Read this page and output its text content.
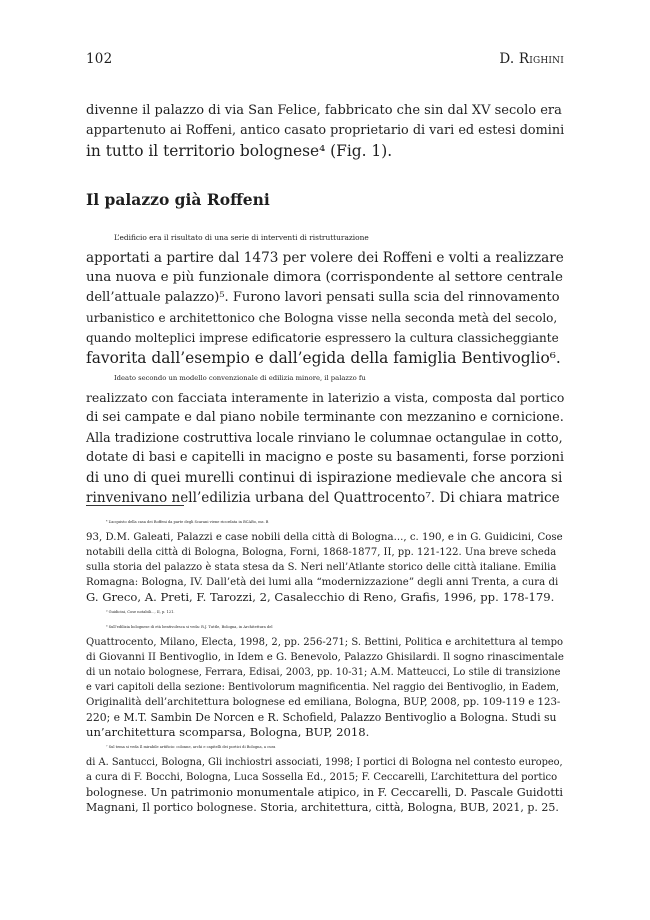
102	D. Righini
divenne il palazzo di via San Felice, fabbricato che sin dal XV secolo era
appartenuto ai Roffeni, antico casato proprietario di vari ed estesi domini
in tutto il territorio bolognese⁴ (Fig. 1).
Il palazzo già Roffeni
L’edificio era il risultato di una serie di interventi di ristrutturazione
apportati a partire dal 1473 per volere dei Roffeni e volti a realizzare
una nuova e più funzionale dimora (corrispondente al settore centrale
dell’attuale palazzo)⁵. Furono lavori pensati sulla scia del rinnovamento
urbanistico e architettonico che Bologna visse nella seconda metà del secolo,
quando molteplici imprese edificatorie espressero la cultura classicheggiante
favorita dall’esempio e dall’egida della famiglia Bentivoglio⁶.
Ideato secondo un modello convenzionale di edilizia minore, il palazzo fu
realizzato con facciata interamente in laterizio a vista, composta dal portico
di sei campate e dal piano nobile terminante con mezzanino e cornicione.
Alla tradizione costruttiva locale rinviano le columnae octangulae in cotto,
dotate di basi e capitelli in macigno e poste su basamenti, forse porzioni
di uno di quei murelli continui di ispirazione medievale che ancora si
rinvenivano nell’edilizia urbana del Quattrocento⁷. Di chiara matrice
⁴ L’acquisto della casa dei Roffeni da parte degli Scarani viene ricordata in BCABo, ms. B
93, D.M. Galeati, Palazzi e case nobili della città di Bologna..., c. 190, e in G. Guidicini, Cose
notabili della città di Bologna, Bologna, Forni, 1868-1877, II, pp. 121-122. Una breve scheda
sulla storia del palazzo è stata stesa da S. Neri nell’Atlante storico delle città italiane. Emilia
Romagna: Bologna, IV. Dall’età dei lumi alla “modernizzazione” degli anni Trenta, a cura di
G. Greco, A. Preti, F. Tarozzi, 2, Casalecchio di Reno, Grafis, 1996, pp. 178-179.
⁵ Guidicini, Cose notabili..., II, p. 121.
⁶ Sull’edilizia bolognese di età bentivolesca si veda: R.J. Tuttle, Bologna, in Architettura del
Quattrocento, Milano, Electa, 1998, 2, pp. 256-271; S. Bettini, Politica e architettura al tempo
di Giovanni II Bentivoglio, in Idem e G. Benevolo, Palazzo Ghisilardi. Il sogno rinascimentale
di un notaio bolognese, Ferrara, Edisai, 2003, pp. 10-31; A.M. Matteucci, Lo stile di transizione
e vari capitoli della sezione: Bentivolorum magnificentia. Nel raggio dei Bentivoglio, in Eadem,
Originalità dell’architettura bolognese ed emiliana, Bologna, BUP, 2008, pp. 109-119 e 123-
220; e M.T. Sambin De Norcen e R. Schofield, Palazzo Bentivoglio a Bologna. Studi su
un’architettura scomparsa, Bologna, BUP, 2018.
⁷ Sul tema si veda Il mirabile artificio: colonne, archi e capitelli dei portici di Bologna, a cura
di A. Santucci, Bologna, Gli inchiostri associati, 1998; I portici di Bologna nel contesto europeo,
a cura di F. Bocchi, Bologna, Luca Sossella Ed., 2015; F. Ceccarelli, L’architettura del portico
bolognese. Un patrimonio monumentale atipico, in F. Ceccarelli, D. Pascale Guidotti
Magnani, Il portico bolognese. Storia, architettura, città, Bologna, BUB, 2021, p. 25.
